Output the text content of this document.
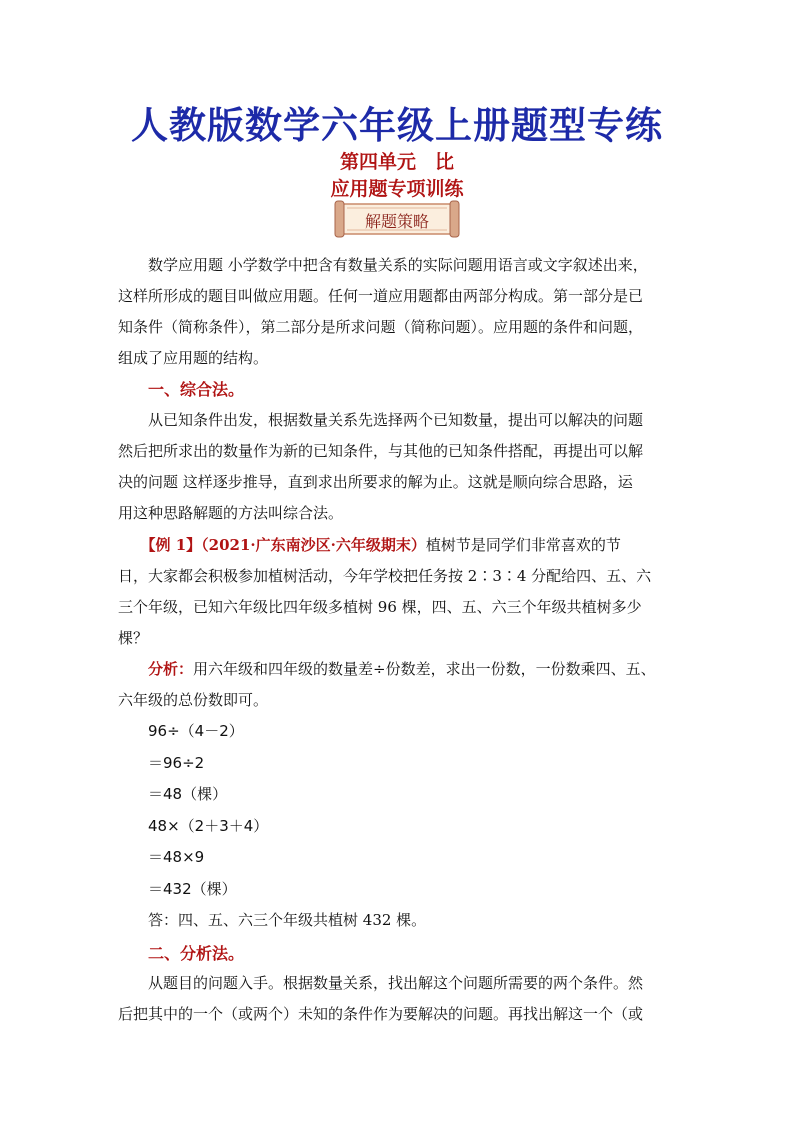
人教版数学六年级上册题型专练
第四单元　比
应用题专项训练
解题策略

　　数学应用题 小学数学中把含有数量关系的实际问题用语言或文字叙述出来，

这样所形成的题目叫做应用题。任何一道应用题都由两部分构成。第一部分是已

知条件（简称条件），第二部分是所求问题（简称问题）。应用题的条件和问题，

组成了应用题的结构。

一、综合法。

　　从已知条件出发，根据数量关系先选择两个已知数量，提出可以解决的问题

然后把所求出的数量作为新的已知条件，与其他的已知条件搭配，再提出可以解

决的问题 这样逐步推导，直到求出所要求的解为止。这就是顺向综合思路，运

用这种思路解题的方法叫综合法。

　　【例 1】（2021·广东南沙区·六年级期末）植树节是同学们非常喜欢的节

日，大家都会积极参加植树活动，今年学校把任务按 2∶3∶4 分配给四、五、六

三个年级，已知六年级比四年级多植树 96 棵，四、五、六三个年级共植树多少

棵？

　　分析：用六年级和四年级的数量差÷份数差，求出一份数，一份数乘四、五、

六年级的总份数即可。

96÷（4－2）

＝96÷2

＝48（棵）

48×（2＋3＋4）

＝48×9

＝432（棵）

答：四、五、六三个年级共植树 432 棵。

二、分析法。

　　从题目的问题入手。根据数量关系，找出解这个问题所需要的两个条件。然

后把其中的一个（或两个）未知的条件作为要解决的问题。再找出解这一个（或
